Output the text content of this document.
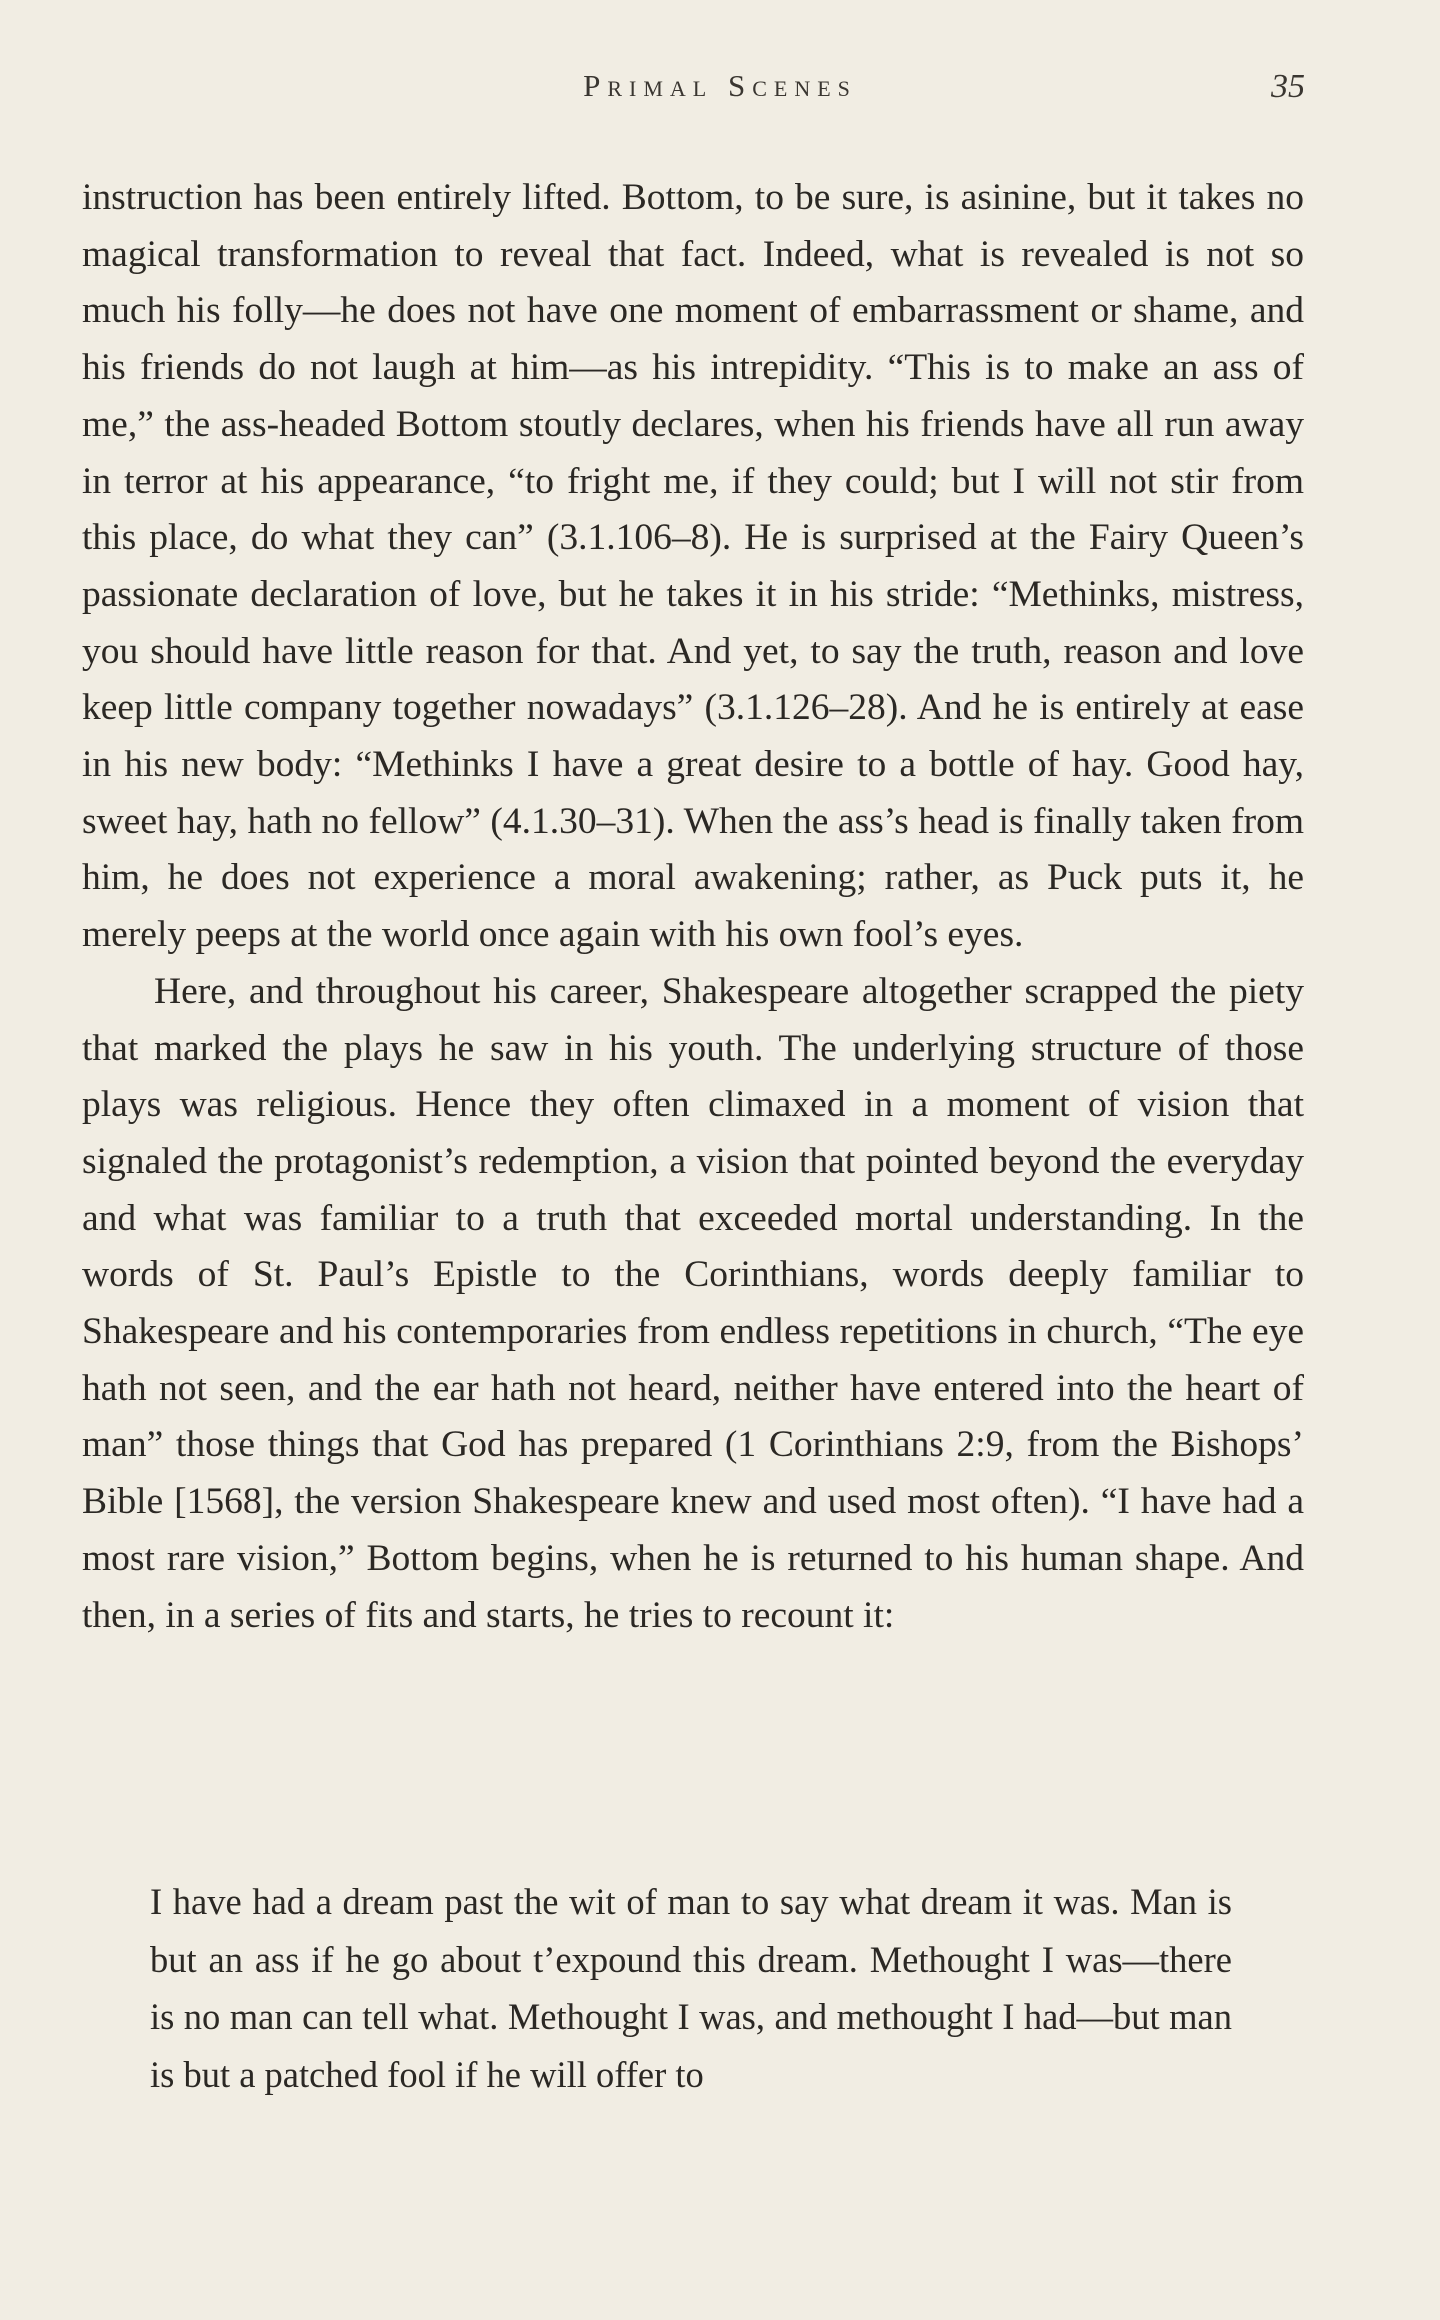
Primal Scenes	35

instruction has been entirely lifted. Bottom, to be sure, is asinine, but it takes no magical transformation to reveal that fact. Indeed, what is revealed is not so much his folly—he does not have one moment of embarrassment or shame, and his friends do not laugh at him—as his intrepidity. “This is to make an ass of me,” the ass-headed Bottom stoutly declares, when his friends have all run away in terror at his appearance, “to fright me, if they could; but I will not stir from this place, do what they can” (3.1.106–8). He is surprised at the Fairy Queen’s passionate declaration of love, but he takes it in his stride: “Methinks, mistress, you should have little reason for that. And yet, to say the truth, reason and love keep little company together nowadays” (3.1.126–28). And he is entirely at ease in his new body: “Methinks I have a great desire to a bottle of hay. Good hay, sweet hay, hath no fellow” (4.1.30–31). When the ass’s head is finally taken from him, he does not experience a moral awakening; rather, as Puck puts it, he merely peeps at the world once again with his own fool’s eyes.

Here, and throughout his career, Shakespeare altogether scrapped the piety that marked the plays he saw in his youth. The underlying structure of those plays was religious. Hence they often climaxed in a moment of vision that signaled the protagonist’s redemption, a vision that pointed beyond the everyday and what was familiar to a truth that exceeded mortal understanding. In the words of St. Paul’s Epistle to the Corinthians, words deeply familiar to Shakespeare and his contemporaries from endless repetitions in church, “The eye hath not seen, and the ear hath not heard, neither have entered into the heart of man” those things that God has prepared (1 Corinthians 2:9, from the Bishops’ Bible [1568], the version Shakespeare knew and used most often). “I have had a most rare vision,” Bottom begins, when he is returned to his human shape. And then, in a series of fits and starts, he tries to recount it:

I have had a dream past the wit of man to say what dream it was. Man is but an ass if he go about t’expound this dream. Methought I was—there is no man can tell what. Methought I was, and methought I had—but man is but a patched fool if he will offer to
